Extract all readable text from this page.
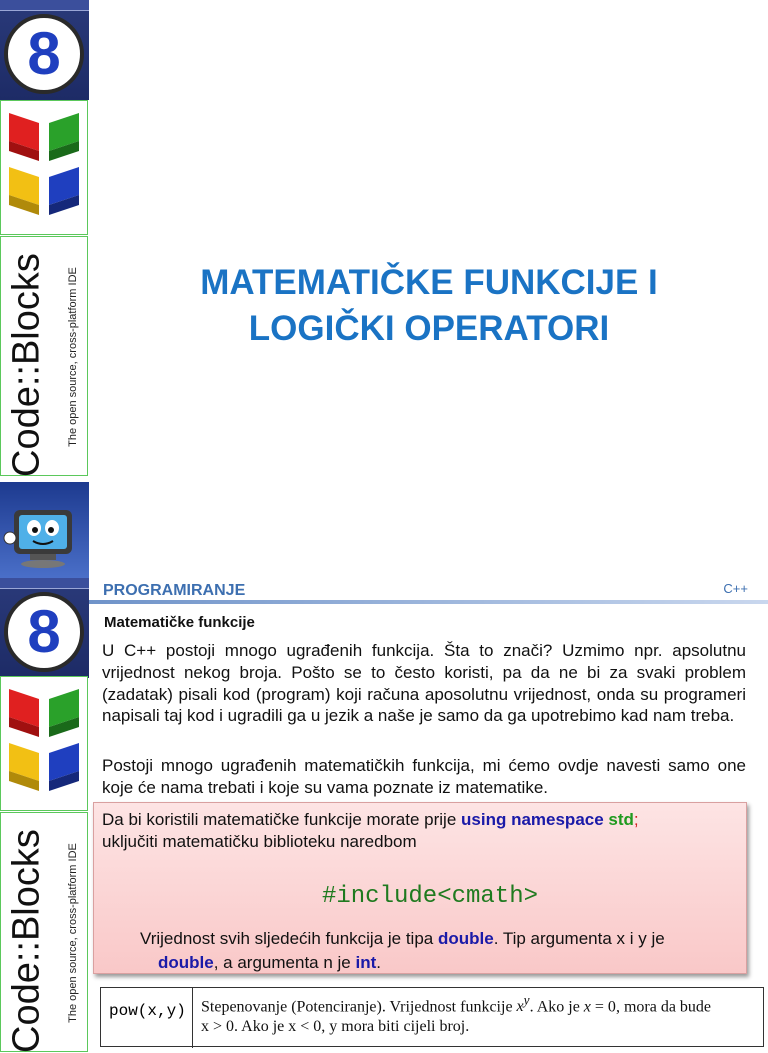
8
Code::Blocks The open source, cross-platform IDE	MATEMATIČKE FUNKCIJE I
LOGIČKI OPERATORI
8
Code::Blocks The open source, cross-platform IDE
PROGRAMIRANJE	C++
Matematičke funkcije
U C++ postoji mnogo ugrađenih funkcija. Šta to znači? Uzmimo npr. apsolutnu vrijednost nekog broja. Pošto se to često koristi, pa da ne bi za svaki problem (zadatak) pisali kod (program) koji računa aposolutnu vrijednost, onda su programeri napisali taj kod i ugradili ga u jezik a naše je samo da ga upotrebimo kad nam treba.
Postoji mnogo ugrađenih matematičkih funkcija, mi ćemo ovdje navesti samo one koje će nama trebati i koje su vama poznate iz matematike.
Da bi koristili matematičke funkcije morate prije using namespace std;
uključiti matematičku biblioteku naredbom
#include<cmath>
Vrijednost svih sljedećih funkcija je tipa double. Tip argumenta x i y je
double, a argumenta n je int.
pow(x,y) Stepenovanje (Potenciranje). Vrijednost funkcije $x^y$. Ako je x = 0, mora da bude
x > 0. Ako je x < 0, y mora biti cijeli broj.
